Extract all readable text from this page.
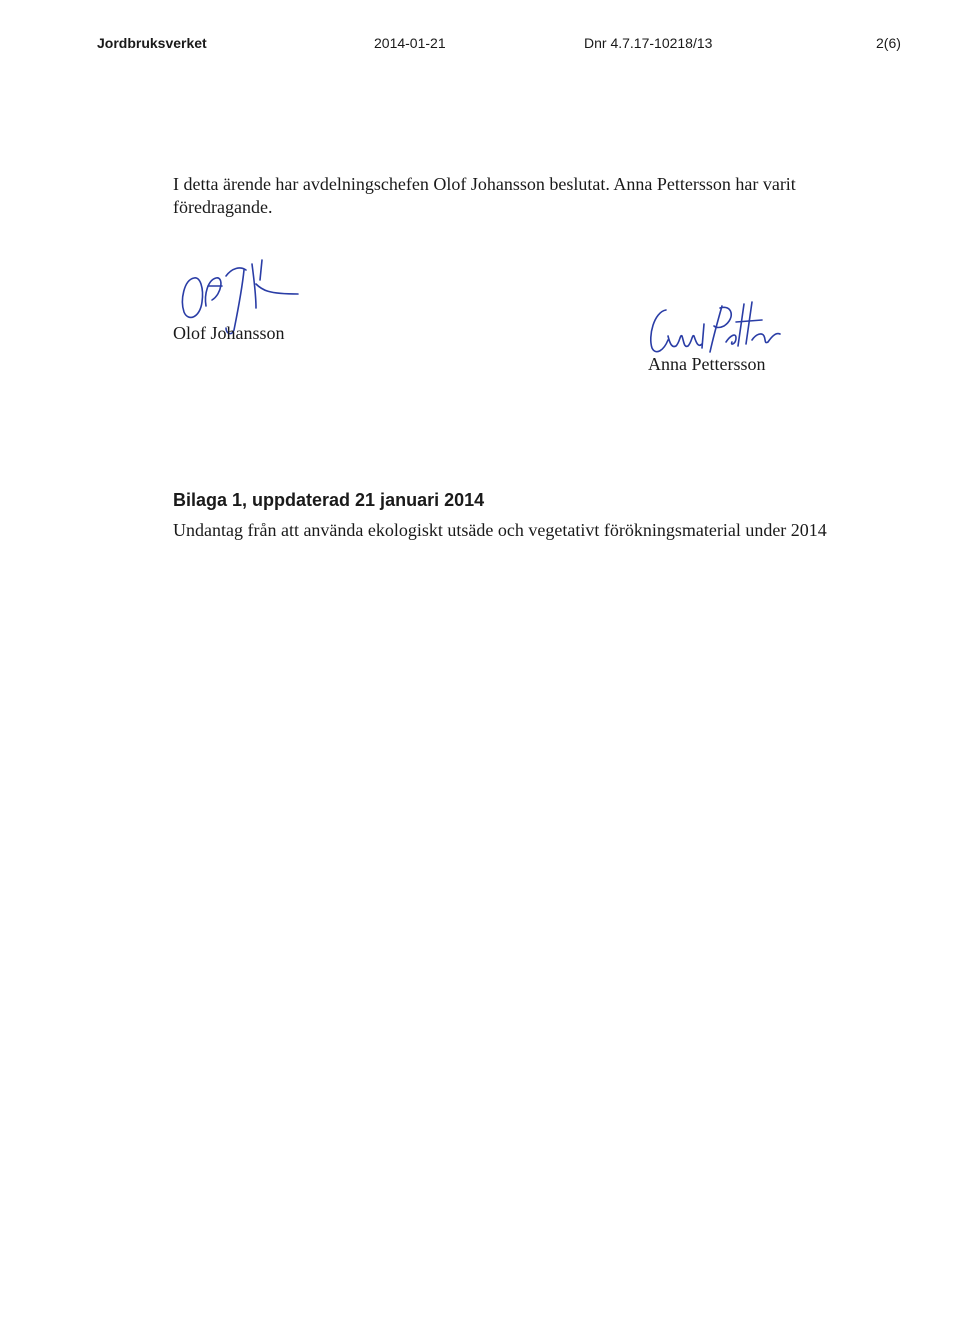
Jordbruksverket	2014-01-21	Dnr 4.7.17-10218/13	2(6)

I detta ärende har avdelningschefen Olof Johansson beslutat. Anna Pettersson har varit föredragande.

Olof Johansson
Anna Pettersson
Bilaga 1, uppdaterad 21 januari 2014

Undantag från att använda ekologiskt utsäde och vegetativt förökningsmaterial under 2014
